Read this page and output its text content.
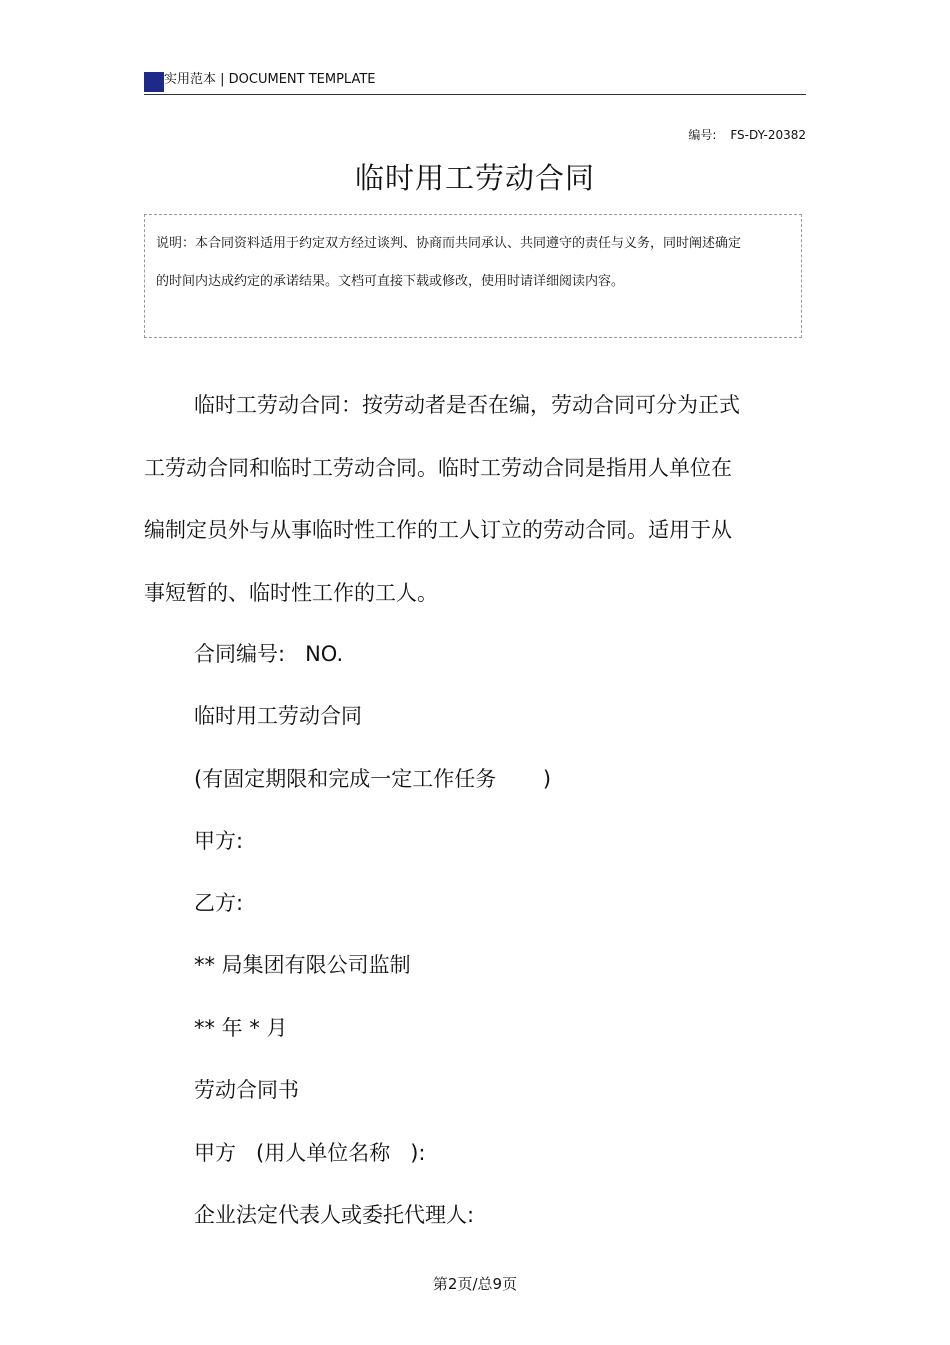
实用范本 | DOCUMENT TEMPLATE
编号: FS-DY-20382
临时用工劳动合同
说明：本合同资料适用于约定双方经过谈判、协商而共同承认、共同遵守的责任与义务，同时阐述确定的时间内达成约定的承诺结果。文档可直接下载或修改，使用时请详细阅读内容。
临时工劳动合同：按劳动者是否在编，劳动合同可分为正式工劳动合同和临时工劳动合同。临时工劳动合同是指用人单位在编制定员外与从事临时性工作的工人订立的劳动合同。适用于从事短暂的、临时性工作的工人。
合同编号:   NO.
临时用工劳动合同
(有固定期限和完成一定工作任务       )
甲方:
乙方:
** 局集团有限公司监制
** 年 * 月
劳动合同书
甲方   (用人单位名称   ):
企业法定代表人或委托代理人:
第2页/总9页
